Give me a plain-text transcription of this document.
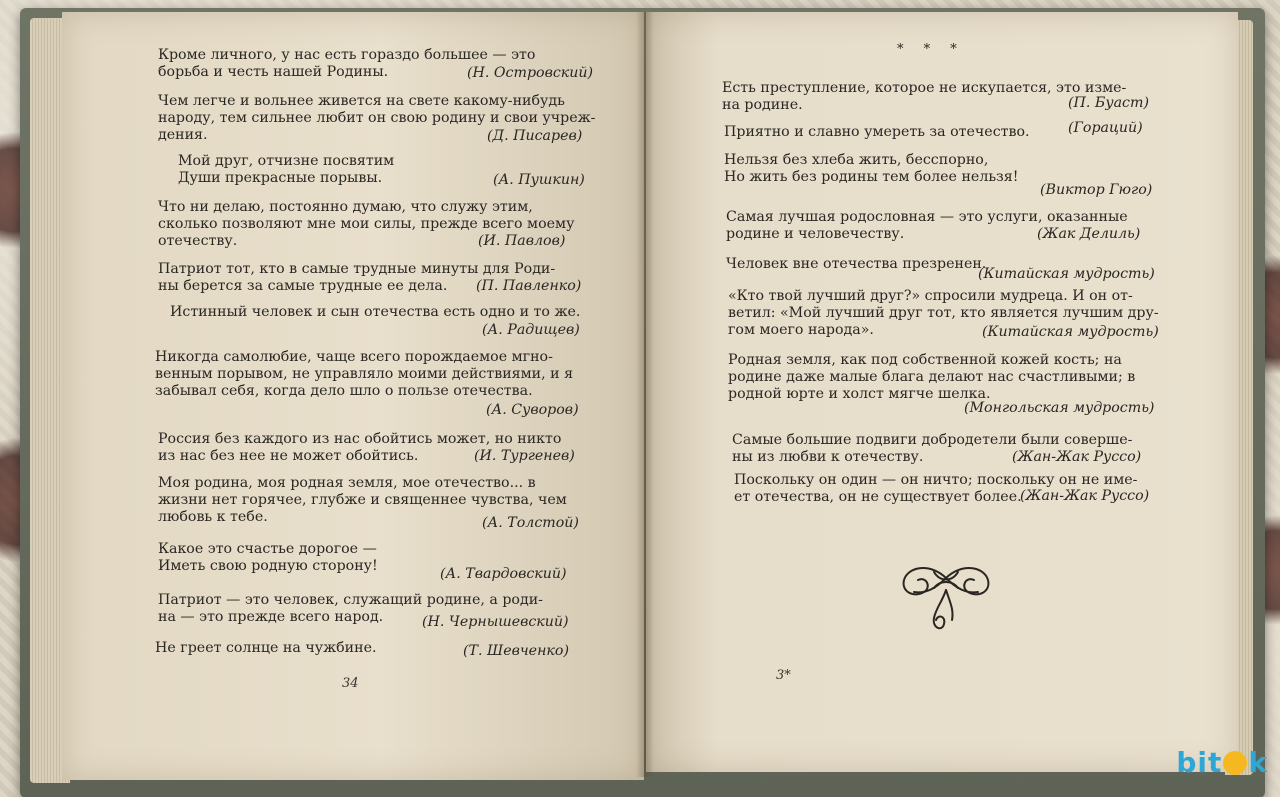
Кроме личного, у нас есть гораздо большее — это
борьба и честь нашей Родины.	(Н. Островский)
Чем легче и вольнее живется на свете какому-нибудь
народу, тем сильнее любит он свою родину и свои учреж-
дения.	(Д. Писарев)
Мой друг, отчизне посвятим
Души прекрасные порывы.	(А. Пушкин)
Что ни делаю, постоянно думаю, что служу этим,
сколько позволяют мне мои силы, прежде всего моему
отечеству.	(И. Павлов)
Патриот тот, кто в самые трудные минуты для Роди-
ны берется за самые трудные ее дела.	(П. Павленко)
Истинный человек и сын отечества есть одно и то же.
(А. Радищев)
Никогда самолюбие, чаще всего порождаемое мгно-
венным порывом, не управляло моими действиями, и я
забывал себя, когда дело шло о пользе отечества.
(А. Суворов)
Россия без каждого из нас обойтись может, но никто
из нас без нее не может обойтись.	(И. Тургенев)
Моя родина, моя родная земля, мое отечество... в
жизни нет горячее, глубже и священнее чувства, чем
любовь к тебе.	(А. Толстой)
Какое это счастье дорогое —
Иметь свою родную сторону!	(А. Твардовский)
Патриот — это человек, служащий родине, а роди-
на — это прежде всего народ.	(Н. Чернышевский)
Не греет солнце на чужбине.	(Т. Шевченко)
34
* * *
Есть преступление, которое не искупается, это изме-
на родине.	(П. Буаст)
Приятно и славно умереть за отечество.	(Гораций)
Нельзя без хлеба жить, бесспорно,
Но жить без родины тем более нельзя!
(Виктор Гюго)
Самая лучшая родословная — это услуги, оказанные
родине и человечеству.	(Жак Делиль)
Человек вне отечества презренен.
(Китайская мудрость)
«Кто твой лучший друг?» спросили мудреца. И он от-
ветил: «Мой лучший друг тот, кто является лучшим дру-
гом моего народа».	(Китайская мудрость)
Родная земля, как под собственной кожей кость; на
родине даже малые блага делают нас счастливыми; в
родной юрте и холст мягче шелка.
(Монгольская мудрость)
Самые большие подвиги добродетели были соверше-
ны из любви к отечеству.	(Жан-Жак Руссо)
Поскольку он один — он ничто; поскольку он не име-
ет отечества, он не существует более.
(Жан-Жак Руссо)
3*
bit k
